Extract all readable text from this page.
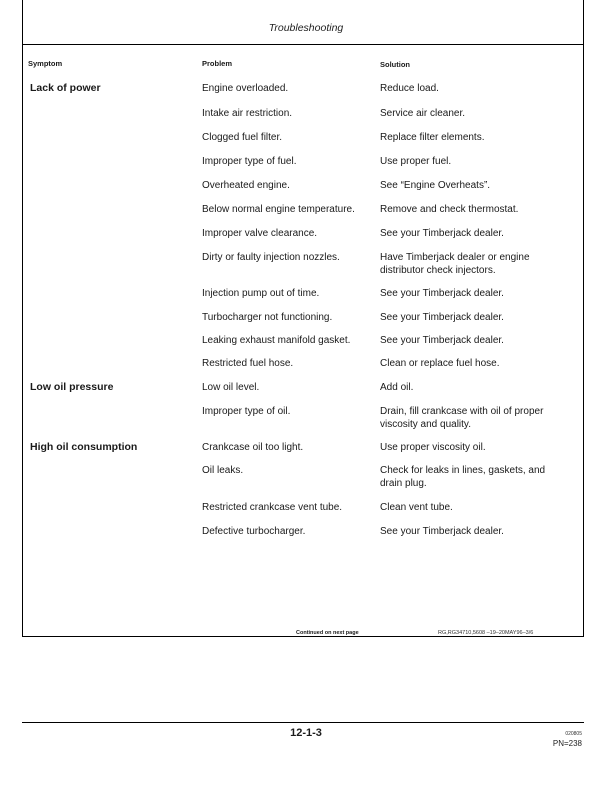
Troubleshooting
Symptom	Problem	Solution
Lack of power	Engine overloaded.	Reduce load.
Intake air restriction.	Service air cleaner.
Clogged fuel filter.	Replace filter elements.
Improper type of fuel.	Use proper fuel.
Overheated engine.	See “Engine Overheats”.
Below normal engine temperature.	Remove and check thermostat.
Improper valve clearance.	See your Timberjack dealer.
Dirty or faulty injection nozzles.	Have Timberjack dealer or engine distributor check injectors.
Injection pump out of time.	See your Timberjack dealer.
Turbocharger not functioning.	See your Timberjack dealer.
Leaking exhaust manifold gasket.	See your Timberjack dealer.
Restricted fuel hose.	Clean or replace fuel hose.
Low oil pressure	Low oil level.	Add oil.
Improper type of oil.	Drain, fill crankcase with oil of proper viscosity and quality.
High oil consumption	Crankcase oil too light.	Use proper viscosity oil.
Oil leaks.	Check for leaks in lines, gaskets, and drain plug.
Restricted crankcase vent tube.	Clean vent tube.
Defective turbocharger.	See your Timberjack dealer.
Continued on next page	RG,RG34710,5608 –19–20MAY96–3/6
12-1-3	020805
PN=238
